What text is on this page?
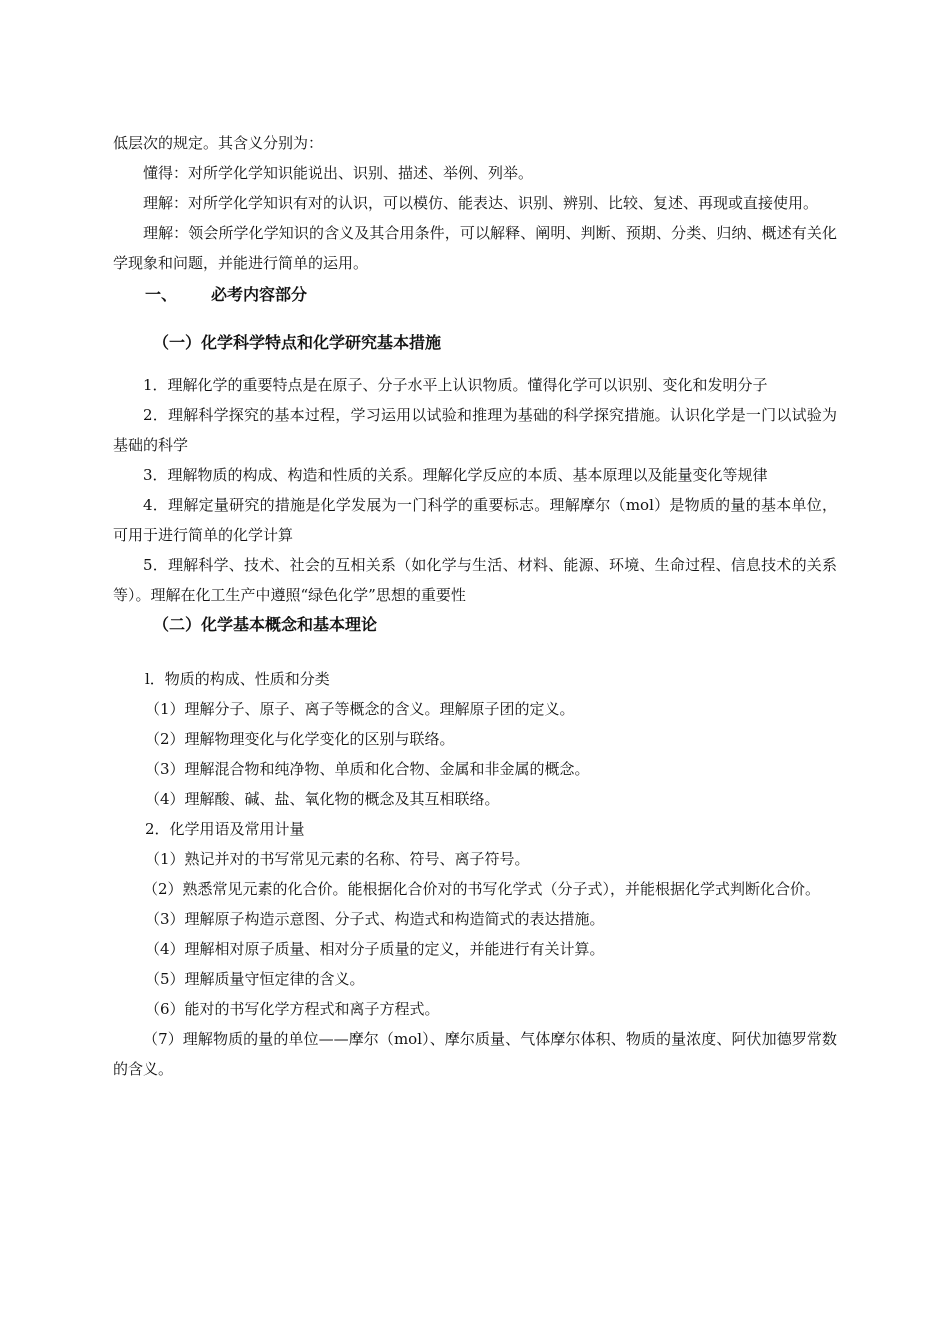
低层次的规定。其含义分别为：

懂得：对所学化学知识能说出、识别、描述、举例、列举。

理解：对所学化学知识有对的认识，可以模仿、能表达、识别、辨别、比较、复述、再现或直接使用。

理解：领会所学化学知识的含义及其合用条件，可以解释、阐明、判断、预期、分类、归纳、概述有关化学现象和问题，并能进行简单的运用。

一、 必考内容部分
（一）化学科学特点和化学研究基本措施

1．理解化学的重要特点是在原子、分子水平上认识物质。懂得化学可以识别、变化和发明分子

2．理解科学探究的基本过程，学习运用以试验和推理为基础的科学探究措施。认识化学是一门以试验为基础的科学

3．理解物质的构成、构造和性质的关系。理解化学反应的本质、基本原理以及能量变化等规律

4．理解定量研究的措施是化学发展为一门科学的重要标志。理解摩尔（mol）是物质的量的基本单位，可用于进行简单的化学计算

5．理解科学、技术、社会的互相关系（如化学与生活、材料、能源、环境、生命过程、信息技术的关系等）。理解在化工生产中遵照“绿色化学”思想的重要性

（二）化学基本概念和基本理论

l．物质的构成、性质和分类

（1）理解分子、原子、离子等概念的含义。理解原子团的定义。

（2）理解物理变化与化学变化的区别与联络。

（3）理解混合物和纯净物、单质和化合物、金属和非金属的概念。

（4）理解酸、碱、盐、氧化物的概念及其互相联络。

2．化学用语及常用计量

（1）熟记并对的书写常见元素的名称、符号、离子符号。

（2）熟悉常见元素的化合价。能根据化合价对的书写化学式（分子式），并能根据化学式判断化合价。

（3）理解原子构造示意图、分子式、构造式和构造简式的表达措施。

（4）理解相对原子质量、相对分子质量的定义，并能进行有关计算。

（5）理解质量守恒定律的含义。

（6）能对的书写化学方程式和离子方程式。

（7）理解物质的量的单位——摩尔（mol）、摩尔质量、气体摩尔体积、物质的量浓度、阿伏加德罗常数的含义。
